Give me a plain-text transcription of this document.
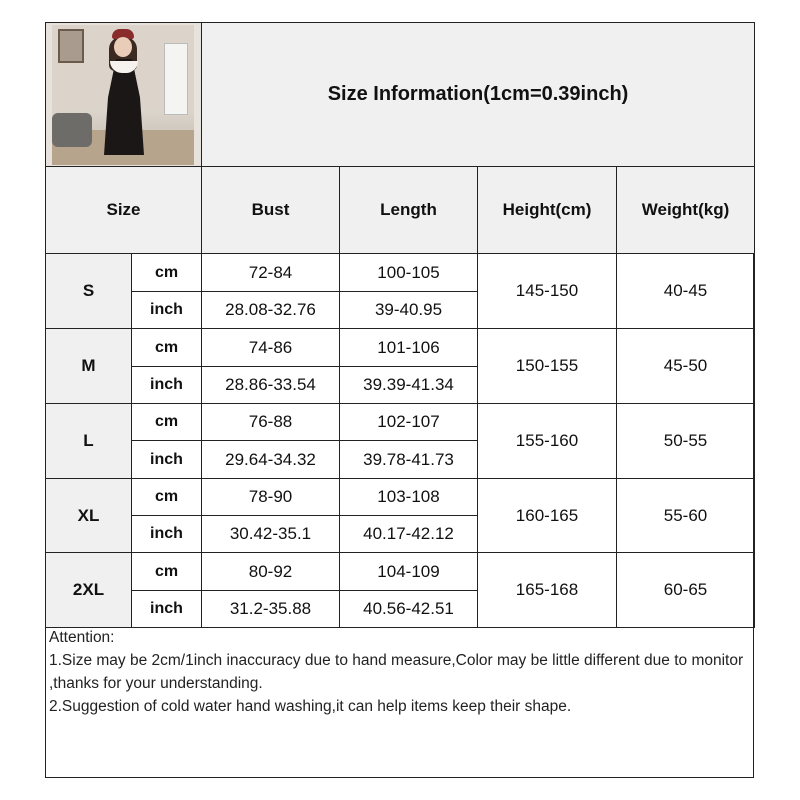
		Size Information(1cm=0.39inch)			
Size		Bust	Length	Height(cm)	Weight(kg)
S	cm	72-84	100-105	145-150	40-45
	inch	28.08-32.76	39-40.95		
M	cm	74-86	101-106	150-155	45-50
	inch	28.86-33.54	39.39-41.34		
L	cm	76-88	102-107	155-160	50-55
	inch	29.64-34.32	39.78-41.73		
XL	cm	78-90	103-108	160-165	55-60
	inch	30.42-35.1	40.17-42.12		
2XL	cm	80-92	104-109	165-168	60-65
	inch	31.2-35.88	40.56-42.51		
Attention:
1.Size may be 2cm/1inch inaccuracy due to hand measure,Color may be little different due to monitor ,thanks for your understanding.
2.Suggestion of cold water hand washing,it can help items keep their shape.
